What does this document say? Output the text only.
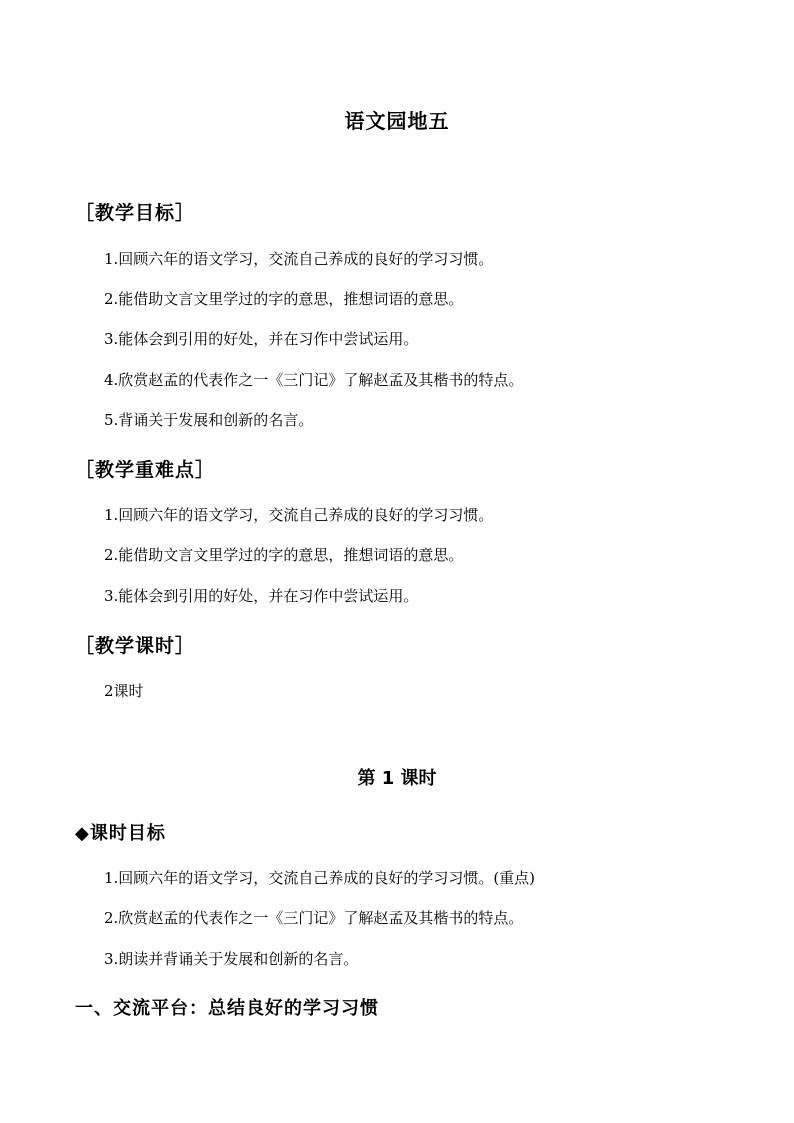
语文园地五
［教学目标］
1.回顾六年的语文学习，交流自己养成的良好的学习习惯。
2.能借助文言文里学过的字的意思，推想词语的意思。
3.能体会到引用的好处，并在习作中尝试运用。
4.欣赏赵孟的代表作之一《三门记》了解赵孟及其楷书的特点。
5.背诵关于发展和创新的名言。
［教学重难点］
1.回顾六年的语文学习，交流自己养成的良好的学习习惯。
2.能借助文言文里学过的字的意思，推想词语的意思。
3.能体会到引用的好处，并在习作中尝试运用。
［教学课时］
2课时
第 1 课时
◆课时目标
1.回顾六年的语文学习，交流自己养成的良好的学习习惯。(重点)
2.欣赏赵孟的代表作之一《三门记》了解赵孟及其楷书的特点。
3.朗读并背诵关于发展和创新的名言。
一、交流平台：总结良好的学习习惯
